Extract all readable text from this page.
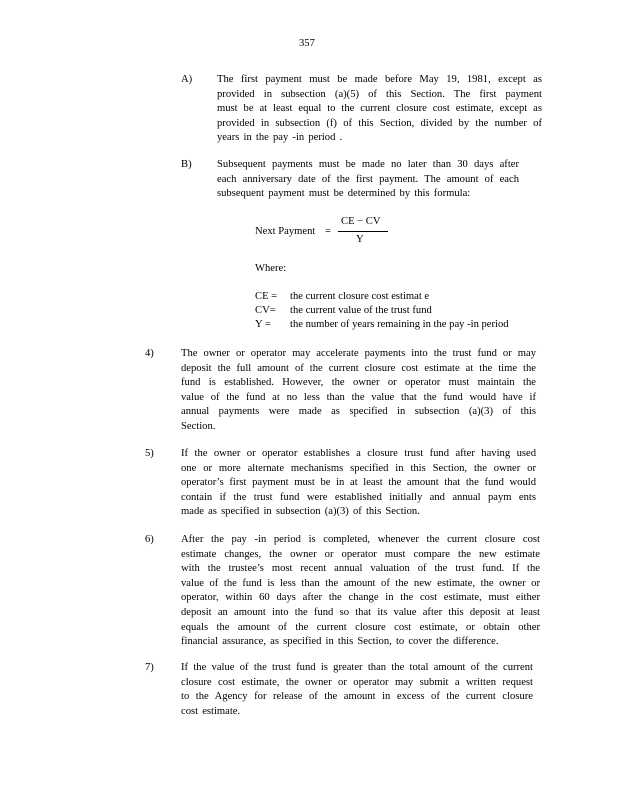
357
A) The first payment must be made before May 19, 1981, except as
provided in subsection (a)(5) of this Section. The first payment
must be at least equal to the current closure cost estimate, except as
provided in subsection (f) of this Section, divided by the number of
years in the pay -in period .
B) Subsequent payments must be made no later than 30 days after
each anniversary date of the first payment. The amount of each
subsequent payment must be determined by this formula:
Next Payment =
CE − CV
Y
Where:
CE = the current closure cost estimat e
CV= the current value of the trust fund
Y = the number of years remaining in the pay -in period
4)	The owner or operator may accelerate payments into the trust fund or may
deposit the full amount of the current closure cost estimate at the time the
fund is established. However, the owner or operator must maintain the
value of the fund at no less than the value that the fund would have if
annual payments were made as specified in subsection (a)(3) of this
Section.
5)	If the owner or operator establishes a closure trust fund after having used
one or more alternate mechanisms specified in this Section, the owner or
operator’s first payment must be in at least the amount that the fund would
contain if the trust fund were established initially and annual paym ents
made as specified in subsection (a)(3) of this Section.
6)	After the pay -in period is completed, whenever the current closure cost
estimate changes, the owner or operator must compare the new estimate
with the trustee’s most recent annual valuation of the trust fund. If the
value of the fund is less than the amount of the new estimate, the owner or
operator, within 60 days after the change in the cost estimate, must either
deposit an amount into the fund so that its value after this deposit at least
equals the amount of the current closure cost estimate, or obtain other
financial assurance, as specified in this Section, to cover the difference.
7)	If the value of the trust fund is greater than the total amount of the current
closure cost estimate, the owner or operator may submit a written request
to the Agency for release of the amount in excess of the current closure
cost estimate.
